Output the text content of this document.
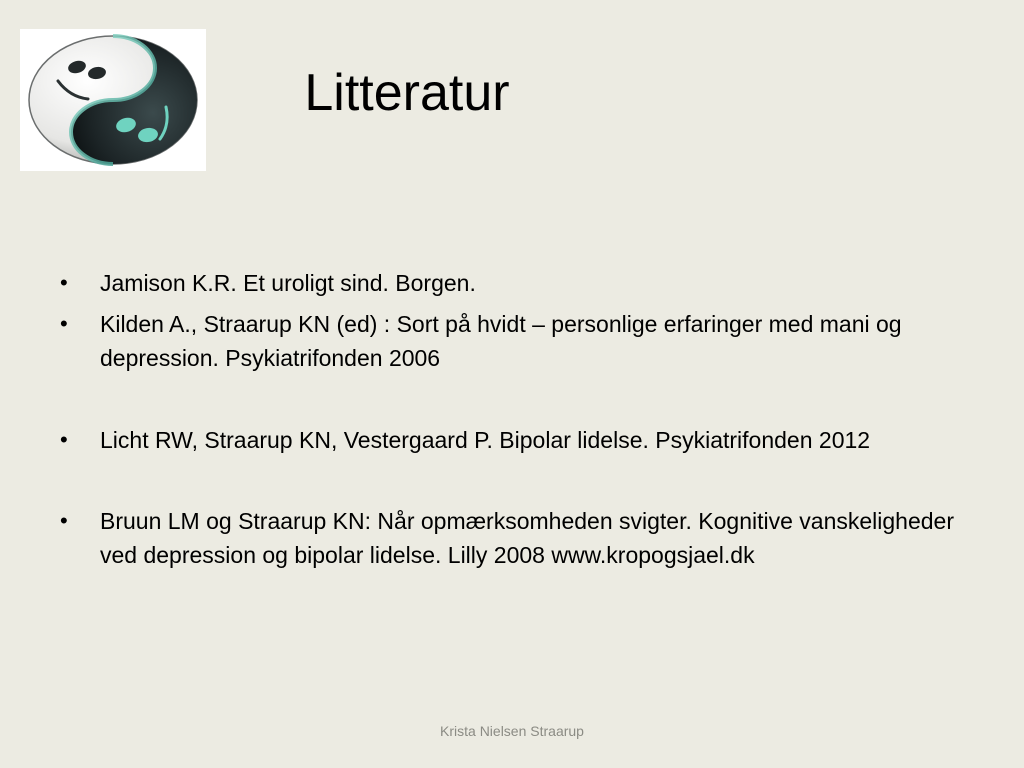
Litteratur
• Jamison K.R. Et uroligt sind. Borgen.
• Kilden A., Straarup KN (ed) : Sort på hvidt – personlige erfaringer med mani og depression. Psykiatrifonden 2006
• Licht RW, Straarup KN, Vestergaard P. Bipolar lidelse. Psykiatrifonden 2012
• Bruun LM og Straarup KN: Når opmærksomheden svigter. Kognitive vanskeligheder ved depression og bipolar lidelse. Lilly 2008 www.kropogsjael.dk
Krista Nielsen Straarup
